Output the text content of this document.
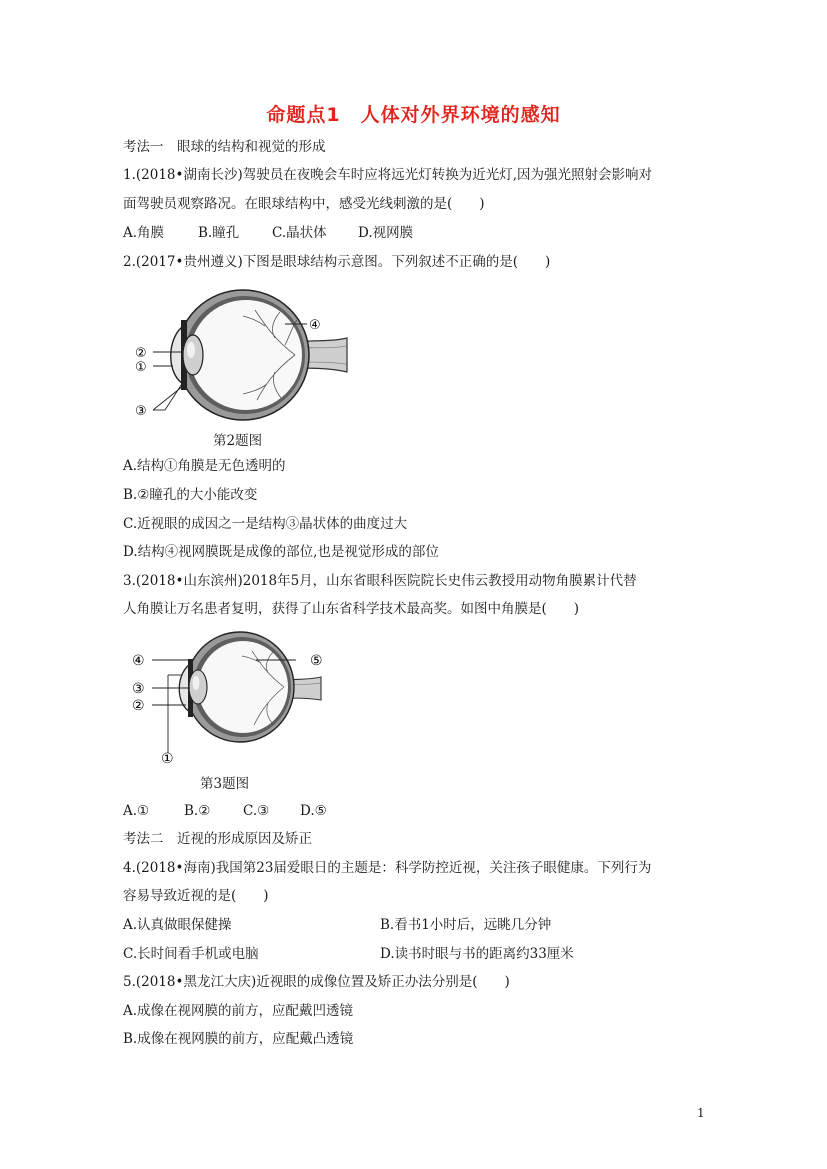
命题点1　人体对外界环境的感知
考法一　眼球的结构和视觉的形成
1.(2018•湖南长沙)驾驶员在夜晚会车时应将远光灯转换为近光灯,因为强光照射会影响对
面驾驶员观察路况。在眼球结构中，感受光线刺激的是(　　)
A.角膜	B.瞳孔 C.晶状体 D.视网膜
2.(2017•贵州遵义)下图是眼球结构示意图。下列叙述不正确的是(　　)
②
①
③
④
第2题图
A.结构①角膜是无色透明的
B.②瞳孔的大小能改变
C.近视眼的成因之一是结构③晶状体的曲度过大
D.结构④视网膜既是成像的部位,也是视觉形成的部位
3.(2018•山东滨州)2018年5月，山东省眼科医院院长史伟云教授用动物角膜累计代替
人角膜让万名患者复明，获得了山东省科学技术最高奖。如图中角膜是(　　)
④
③
②
①
⑤
第3题图
A.①	B.② C.③ D.⑤
考法二　近视的形成原因及矫正
4.(2018•海南)我国第23届爱眼日的主题是：科学防控近视，关注孩子眼健康。下列行为
容易导致近视的是(　　)
A.认真做眼保健操	B.看书1小时后，远眺几分钟
C.长时间看手机或电脑	D.读书时眼与书的距离约33厘米
5.(2018•黑龙江大庆)近视眼的成像位置及矫正办法分别是(　　)
A.成像在视网膜的前方，应配戴凹透镜
B.成像在视网膜的前方，应配戴凸透镜
1
